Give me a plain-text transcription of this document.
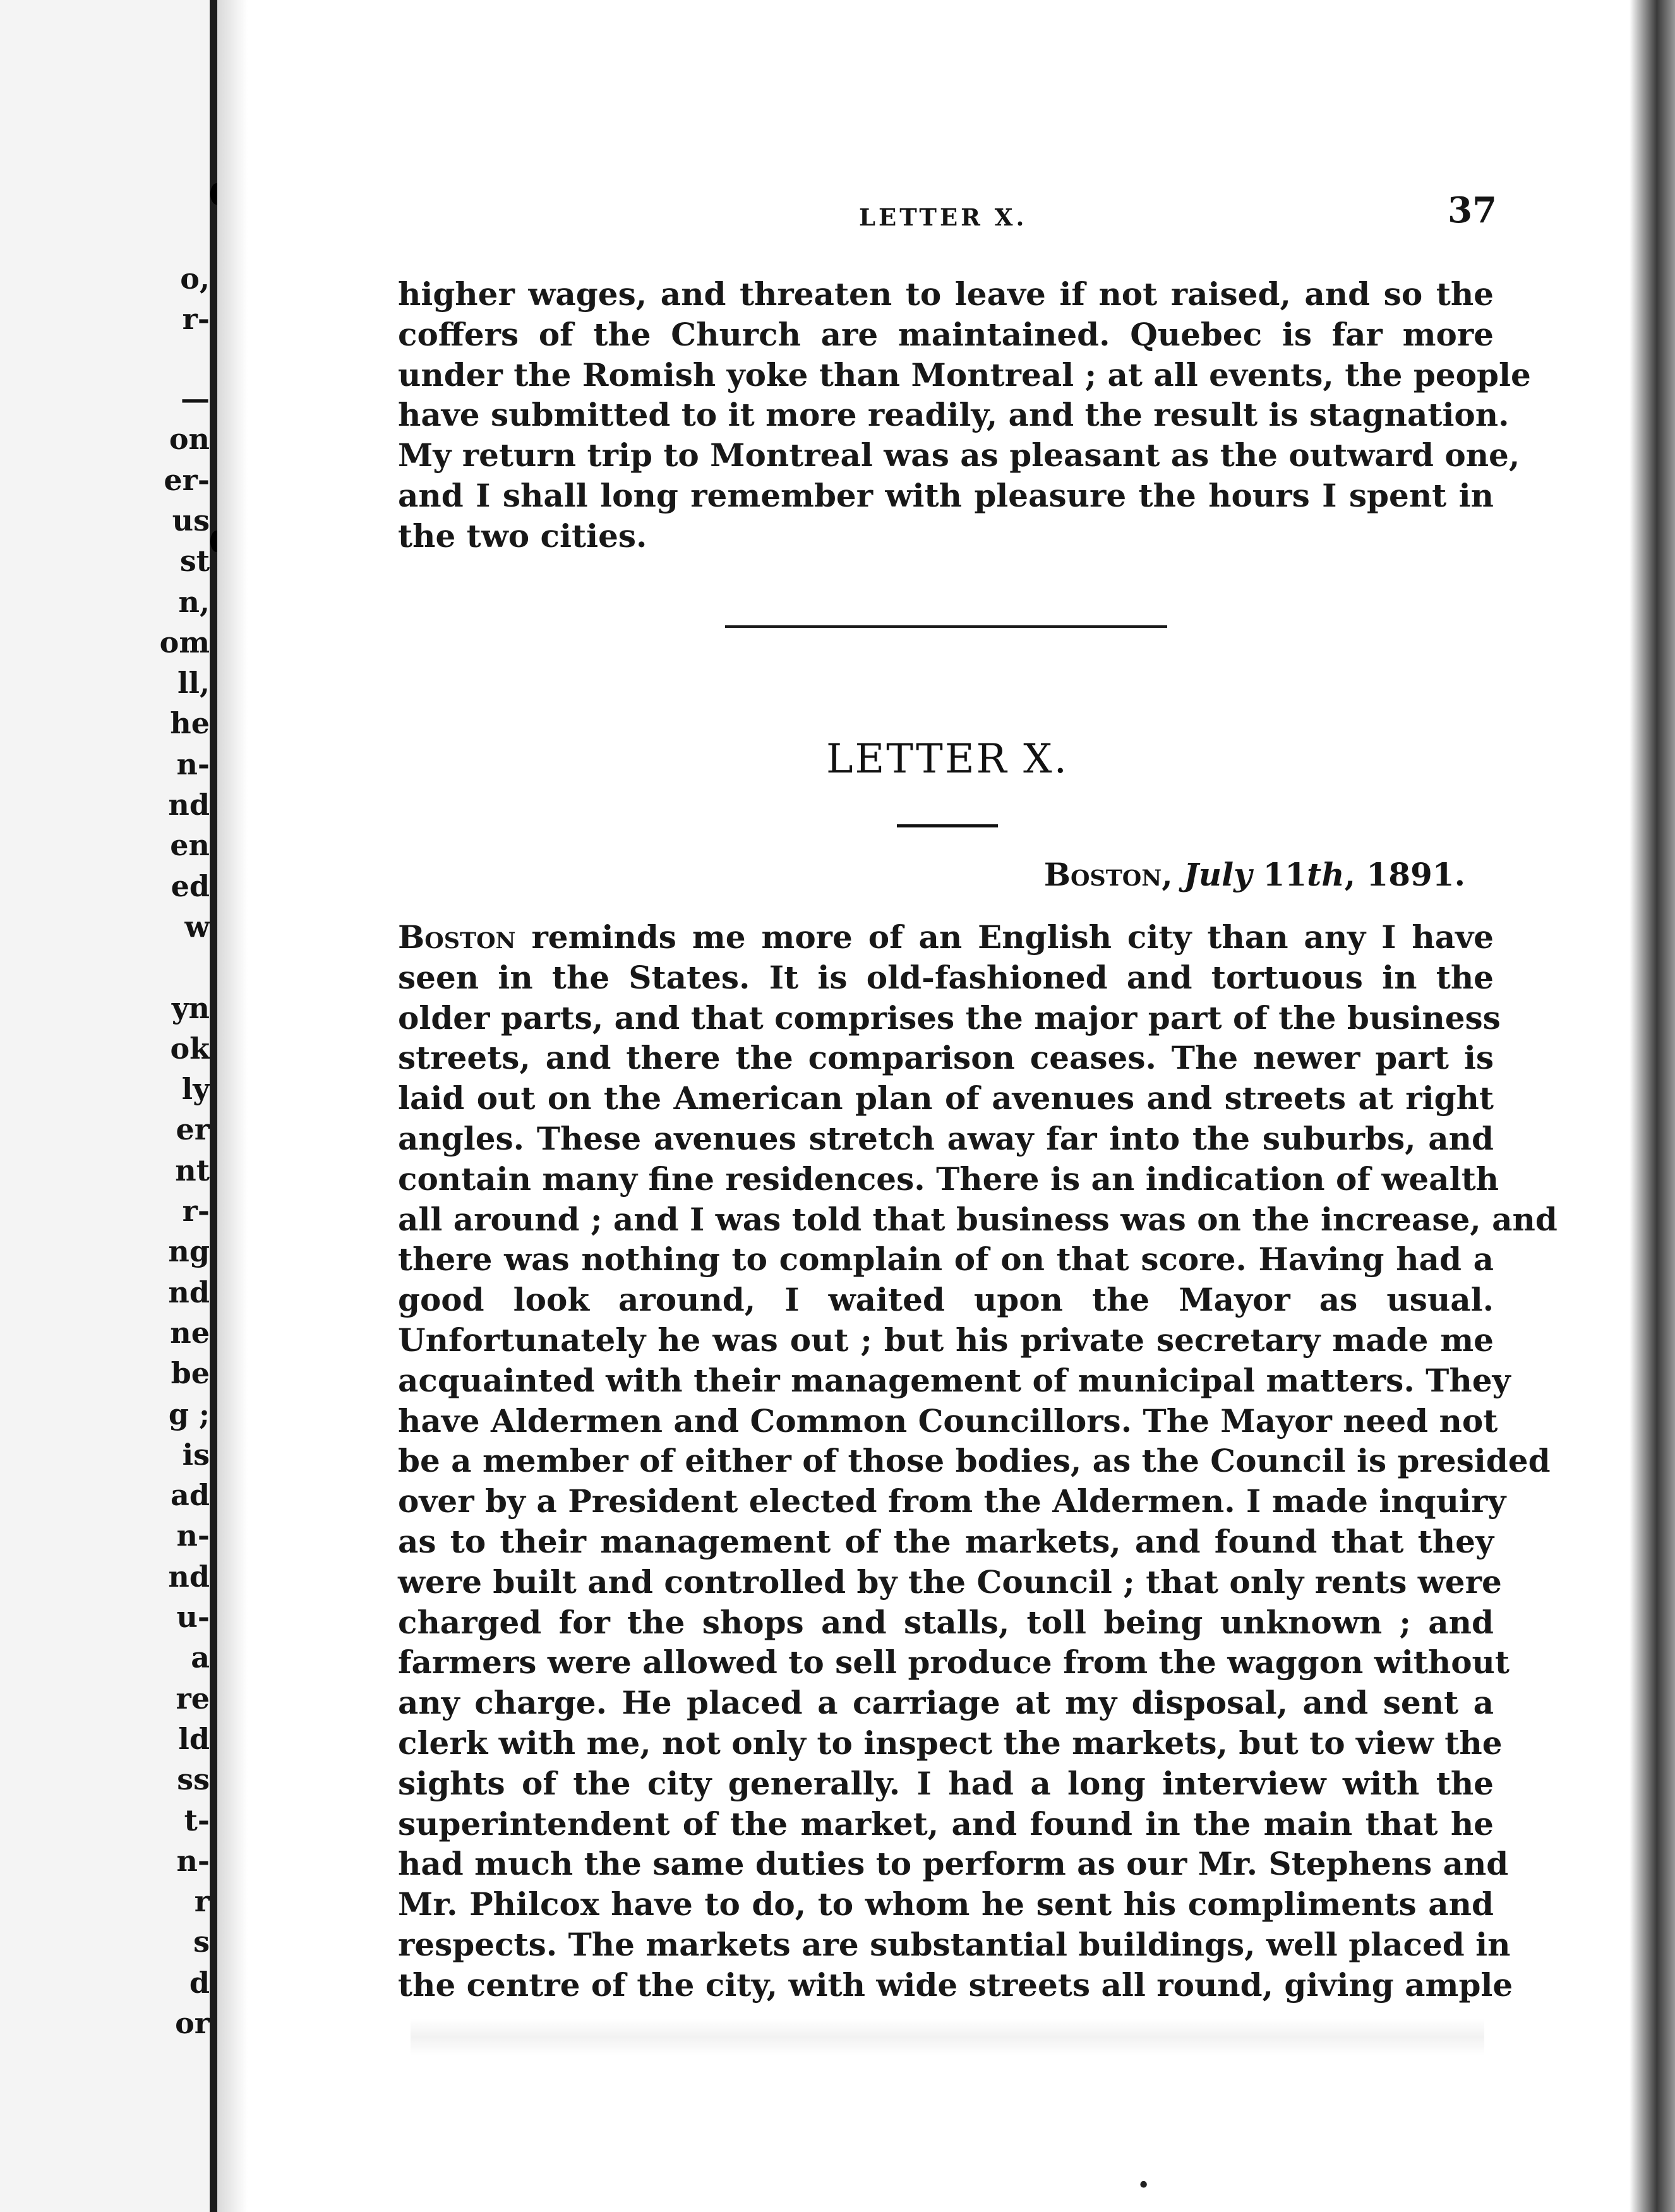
o,
r-
—
on
er-
us
st
n,
om
ll,
he
n-
nd
en
ed
w
yn
ok
ly
er
nt
r-
ng
nd
ne
be
g ;
is
ad
n-
nd
u-
a
re
ld
ss
t-
n-
r
s
d
or
LETTER X.	37
higher wages, and threaten to leave if not raised, and so the
coffers of the Church are maintained. Quebec is far more
under the Romish yoke than Montreal ; at all events, the people
have submitted to it more readily, and the result is stagnation.
My return trip to Montreal was as pleasant as the outward one,
and I shall long remember with pleasure the hours I spent in
the two cities.
LETTER X.
Boston, July 11th, 1891.
Boston reminds me more of an English city than any I have
seen in the States. It is old-fashioned and tortuous in the
older parts, and that comprises the major part of the business
streets, and there the comparison ceases. The newer part is
laid out on the American plan of avenues and streets at right
angles. These avenues stretch away far into the suburbs, and
contain many fine residences. There is an indication of wealth
all around ; and I was told that business was on the increase, and
there was nothing to complain of on that score. Having had a
good look around, I waited upon the Mayor as usual.
Unfortunately he was out ; but his private secretary made me
acquainted with their management of municipal matters. They
have Aldermen and Common Councillors. The Mayor need not
be a member of either of those bodies, as the Council is presided
over by a President elected from the Aldermen. I made inquiry
as to their management of the markets, and found that they
were built and controlled by the Council ; that only rents were
charged for the shops and stalls, toll being unknown ; and
farmers were allowed to sell produce from the waggon without
any charge. He placed a carriage at my disposal, and sent a
clerk with me, not only to inspect the markets, but to view the
sights of the city generally. I had a long interview with the
superintendent of the market, and found in the main that he
had much the same duties to perform as our Mr. Stephens and
Mr. Philcox have to do, to whom he sent his compliments and
respects. The markets are substantial buildings, well placed in
the centre of the city, with wide streets all round, giving ample
•
